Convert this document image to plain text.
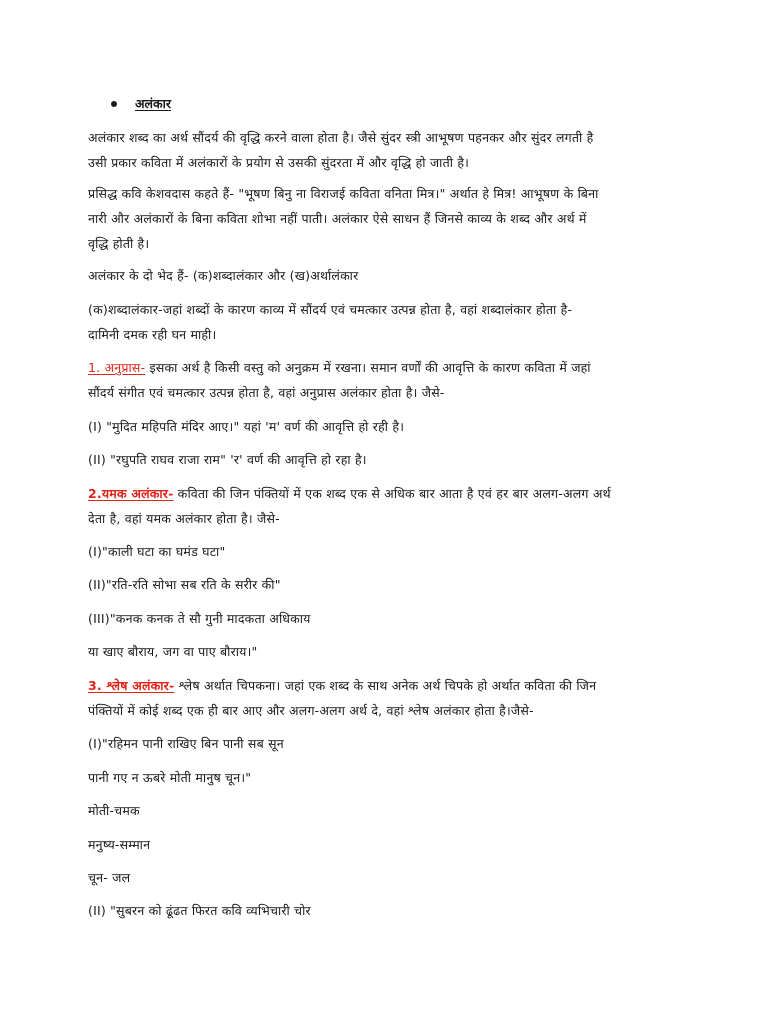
अलंकार
अलंकार शब्द का अर्थ सौंदर्य की वृद्धि करने वाला होता है। जैसे सुंदर स्त्री आभूषण पहनकर और सुंदर लगती है
उसी प्रकार कविता में अलंकारों के प्रयोग से उसकी सुंदरता में और वृद्धि हो जाती है।
प्रसिद्ध कवि केशवदास कहते हैं- "भूषण बिनु ना विराजई कविता वनिता मित्र।" अर्थात हे मित्र! आभूषण के बिना
नारी और अलंकारों के बिना कविता शोभा नहीं पाती। अलंकार ऐसे साधन हैं जिनसे काव्य के शब्द और अर्थ में
वृद्धि होती है।
अलंकार के दो भेद हैं- (क)शब्दालंकार और (ख)अर्थालंकार
(क)शब्दालंकार-जहां शब्दों के कारण काव्य में सौंदर्य एवं चमत्कार उत्पन्न होता है, वहां शब्दालंकार होता है-
दामिनी दमक रही घन माही।
1. अनुप्रास- इसका अर्थ है किसी वस्तु को अनुक्रम में रखना। समान वर्णों की आवृत्ति के कारण कविता में जहां
सौंदर्य संगीत एवं चमत्कार उत्पन्न होता है, वहां अनुप्रास अलंकार होता है। जैसे-
(I) "मुदित महिपति मंदिर आए।" यहां 'म' वर्ण की आवृत्ति हो रही है।
(II) "रघुपति राघव राजा राम" 'र' वर्ण की आवृत्ति हो रहा है।
2.यमक अलंकार- कविता की जिन पंक्तियों में एक शब्द एक से अधिक बार आता है एवं हर बार अलग-अलग अर्थ
देता है, वहां यमक अलंकार होता है। जैसे-
(I)"काली घटा का घमंड घटा"
(II)"रति-रति सोभा सब रति के सरीर की"
(III)"कनक कनक ते सौ गुनी मादकता अधिकाय
या खाए बौराय, जग वा पाए बौराय।"
3. श्लेष अलंकार- श्लेष अर्थात चिपकना। जहां एक शब्द के साथ अनेक अर्थ चिपके हो अर्थात कविता की जिन
पंक्तियों में कोई शब्द एक ही बार आए और अलग-अलग अर्थ दे, वहां श्लेष अलंकार होता है।जैसे-
(I)"रहिमन पानी राखिए बिन पानी सब सून
पानी गए न ऊबरे मोती मानुष चून।"
मोती-चमक
मनुष्य-सम्मान
चून- जल
(II) "सुबरन को ढूंढत फिरत कवि व्यभिचारी चोर
